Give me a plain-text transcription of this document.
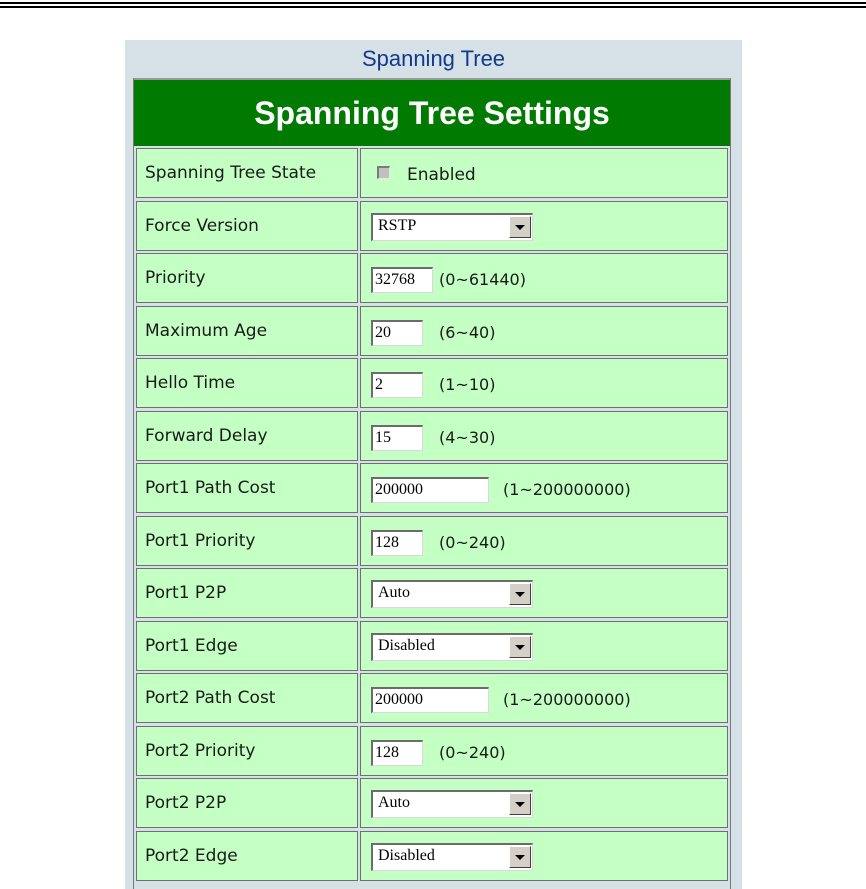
Spanning Tree
Spanning Tree Settings
Spanning Tree State	Enabled
Force Version	RSTP
Priority	32768	(0~61440)
Maximum Age	20	(6~40)
Hello Time	2	(1~10)
Forward Delay	15	(4~30)
Port1 Path Cost	200000	(1~200000000)
Port1 Priority	128	(0~240)
Port1 P2P	Auto
Port1 Edge	Disabled
Port2 Path Cost	200000	(1~200000000)
Port2 Priority	128	(0~240)
Port2 P2P	Auto
Port2 Edge	Disabled
